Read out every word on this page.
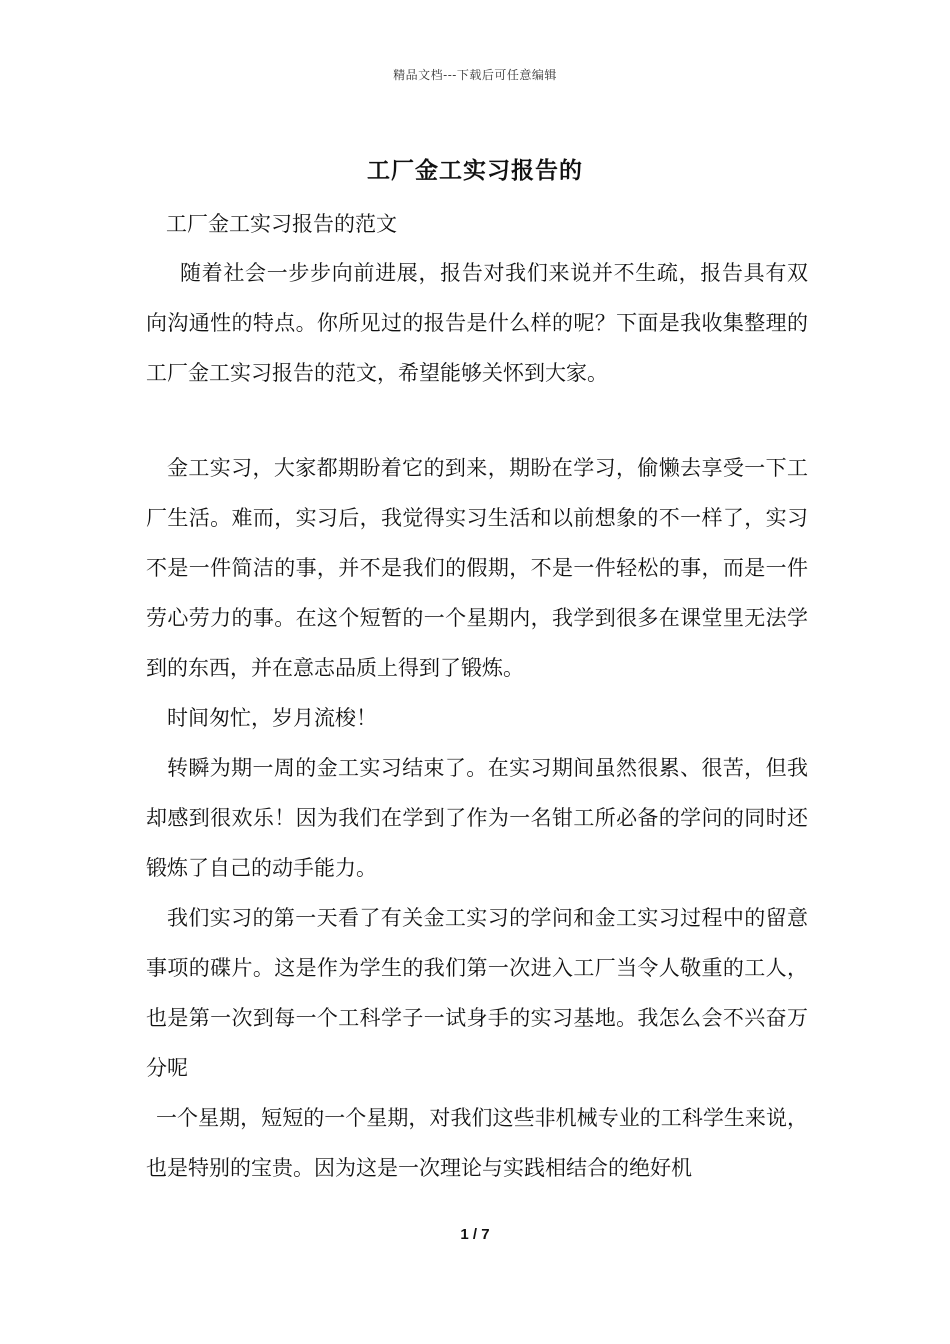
精品文档---下载后可任意编辑
工厂金工实习报告的
工厂金工实习报告的范文
随着社会一步步向前进展，报告对我们来说并不生疏，报告具有双向沟通性的特点。你所见过的报告是什么样的呢？下面是我收集整理的工厂金工实习报告的范文，希望能够关怀到大家。
金工实习，大家都期盼着它的到来，期盼在学习，偷懒去享受一下工厂生活。难而，实习后，我觉得实习生活和以前想象的不一样了，实习不是一件简洁的事，并不是我们的假期，不是一件轻松的事，而是一件劳心劳力的事。在这个短暂的一个星期内，我学到很多在课堂里无法学到的东西，并在意志品质上得到了锻炼。
时间匆忙，岁月流梭！
转瞬为期一周的金工实习结束了。在实习期间虽然很累、很苦，但我却感到很欢乐！因为我们在学到了作为一名钳工所必备的学问的同时还锻炼了自己的动手能力。
我们实习的第一天看了有关金工实习的学问和金工实习过程中的留意事项的碟片。这是作为学生的我们第一次进入工厂当令人敬重的工人，也是第一次到每一个工科学子一试身手的实习基地。我怎么会不兴奋万分呢
一个星期，短短的一个星期，对我们这些非机械专业的工科学生来说，也是特别的宝贵。因为这是一次理论与实践相结合的绝好机
1 / 7
